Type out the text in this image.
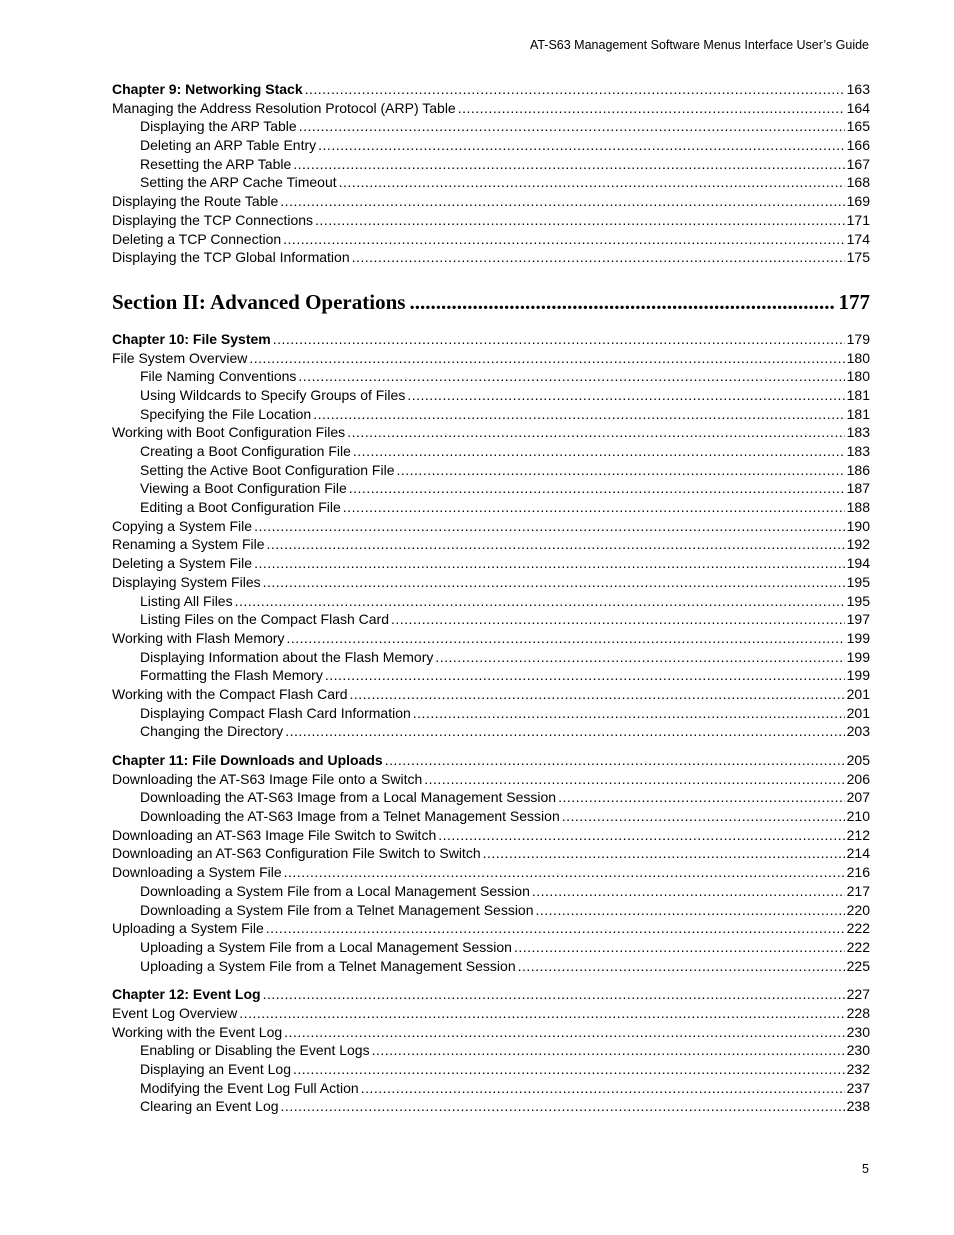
AT-S63 Management Software Menus Interface User’s Guide
Chapter 9: Networking Stack .....	163
Managing the Address Resolution Protocol (ARP) Table .....	164
Displaying the ARP Table .....	165
Deleting an ARP Table Entry .....	166
Resetting the ARP Table .....	167
Setting the ARP Cache Timeout .....	168
Displaying the Route Table .....	169
Displaying the TCP Connections .....	171
Deleting a TCP Connection .....	174
Displaying the TCP Global Information .....	175
Section II: Advanced Operations .....	177
Chapter 10: File System .....	179
File System Overview .....	180
File Naming Conventions .....	180
Using Wildcards to Specify Groups of Files .....	181
Specifying the File Location .....	181
Working with Boot Configuration Files .....	183
Creating a Boot Configuration File .....	183
Setting the Active Boot Configuration File .....	186
Viewing a Boot Configuration File .....	187
Editing a Boot Configuration File .....	188
Copying a System File .....	190
Renaming a System File .....	192
Deleting a System File .....	194
Displaying System Files .....	195
Listing All Files .....	195
Listing Files on the Compact Flash Card .....	197
Working with Flash Memory .....	199
Displaying Information about the Flash Memory .....	199
Formatting the Flash Memory .....	199
Working with the Compact Flash Card .....	201
Displaying Compact Flash Card Information .....	201
Changing the Directory .....	203
Chapter 11: File Downloads and Uploads .....	205
Downloading the AT-S63 Image File onto a Switch .....	206
Downloading the AT-S63 Image from a Local Management Session .....	207
Downloading the AT-S63 Image from a Telnet Management Session .....	210
Downloading an AT-S63 Image File Switch to Switch .....	212
Downloading an AT-S63 Configuration File Switch to Switch .....	214
Downloading a System File .....	216
Downloading a System File from a Local Management Session .....	217
Downloading a System File from a Telnet Management Session .....	220
Uploading a System File .....	222
Uploading a System File from a Local Management Session .....	222
Uploading a System File from a Telnet Management Session .....	225
Chapter 12: Event Log .....	227
Event Log Overview .....	228
Working with the Event Log .....	230
Enabling or Disabling the Event Logs .....	230
Displaying an Event Log .....	232
Modifying the Event Log Full Action .....	237
Clearing an Event Log .....	238
5
